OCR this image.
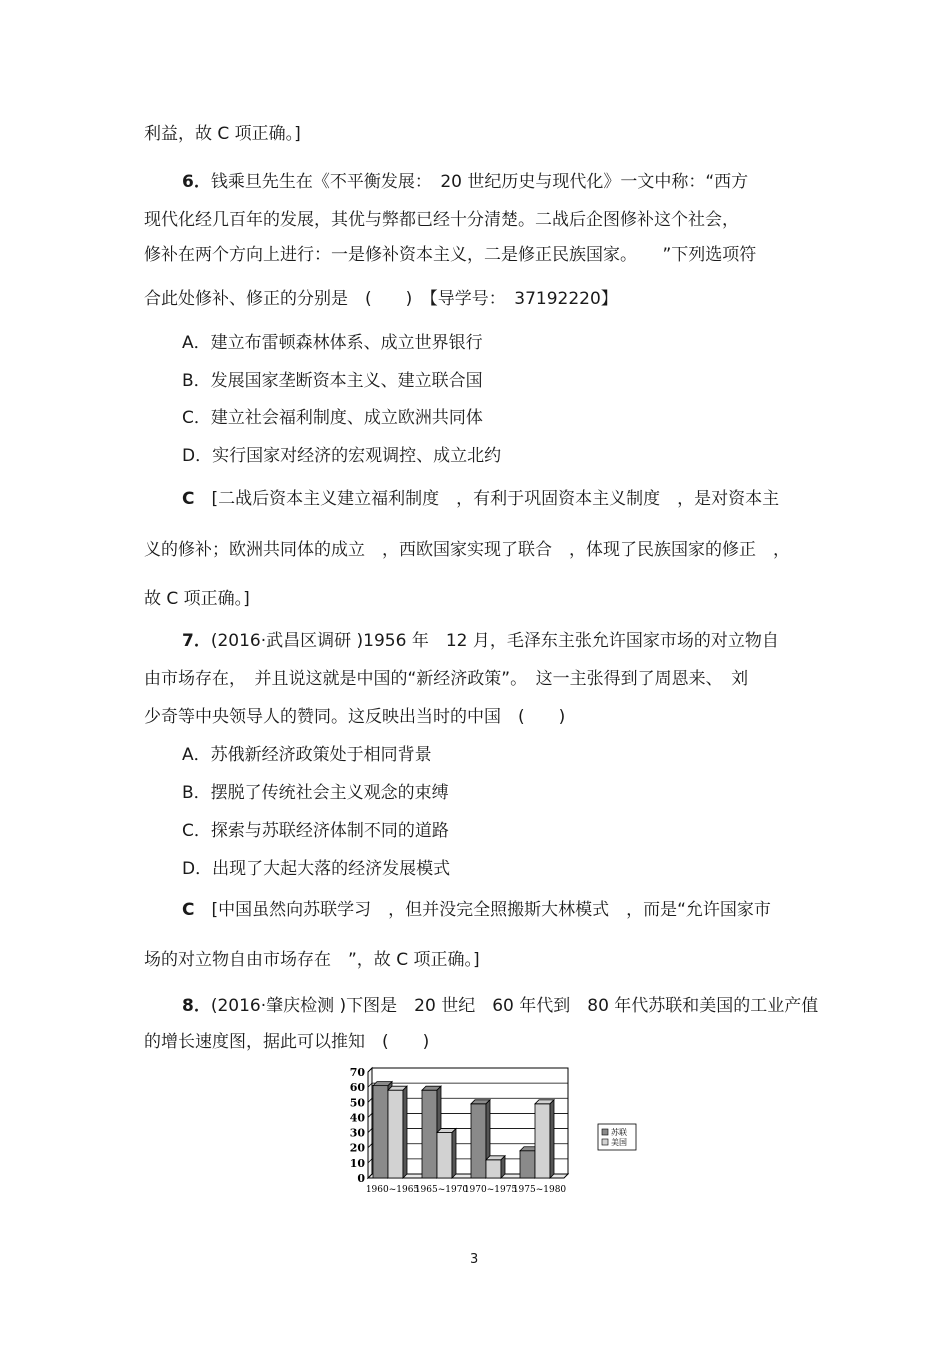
利益，故 C 项正确。]
6．钱乘旦先生在《不平衡发展：　20 世纪历史与现代化》一文中称：“西方
现代化经几百年的发展，其优与弊都已经十分清楚。二战后企图修补这个社会，
修补在两个方向上进行：一是修补资本主义，二是修正民族国家。　　”下列选项符
合此处修补、修正的分别是　(　　)　【导学号：　37192220】
A．建立布雷顿森林体系、成立世界银行
B．发展国家垄断资本主义、建立联合国
C．建立社会福利制度、成立欧洲共同体
D．实行国家对经济的宏观调控、成立北约
C　 [二战后资本主义建立福利制度　，有利于巩固资本主义制度　，是对资本主
义的修补；欧洲共同体的成立　，西欧国家实现了联合　，体现了民族国家的修正　，
故 C 项正确。]
7．(2016·武昌区调研 )1956 年　12 月，毛泽东主张允许国家市场的对立物自
由市场存在，　并且说这就是中国的“新经济政策”。　这一主张得到了周恩来、　刘
少奇等中央领导人的赞同。这反映出当时的中国　(　　)
A．苏俄新经济政策处于相同背景
B．摆脱了传统社会主义观念的束缚
C．探索与苏联经济体制不同的道路
D．出现了大起大落的经济发展模式
C　 [中国虽然向苏联学习　，但并没完全照搬斯大林模式　，而是“允许国家市
场的对立物自由市场存在　”，故 C 项正确。]
8．(2016·肇庆检测 )下图是　20 世纪　60 年代到　80 年代苏联和美国的工业产值
的增长速度图，据此可以推知　(　　)
0
10
20
30
40
50
60
70
1960~1965
1965~1970
1970~1975
1975~1980
苏联
美国
3
